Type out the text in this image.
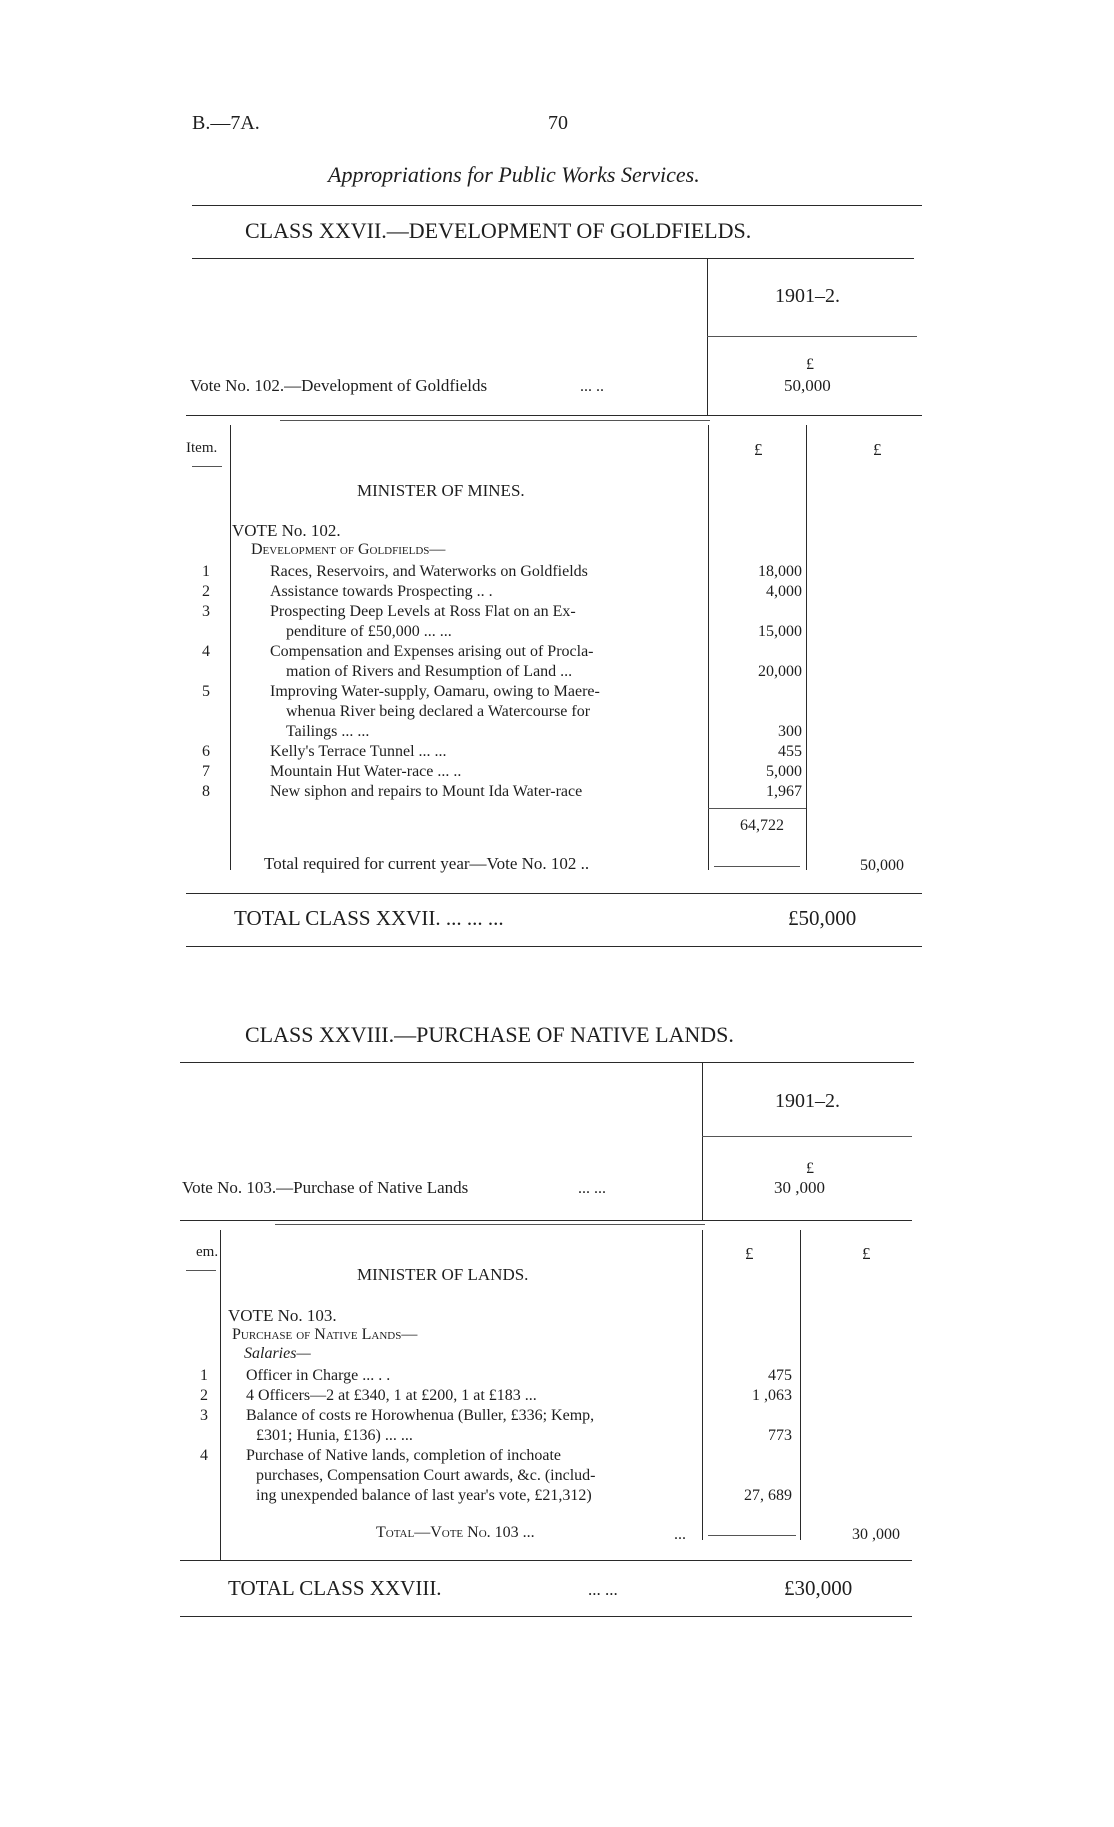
B.—7A.	70
Appropriations for Public Works Services.
CLASS XXVII.—DEVELOPMENT OF GOLDFIELDS.
1901–2.
£
Vote No. 102.—Development of Goldfields	... ..	50,000
Item.	£	£
MINISTER OF MINES.
VOTE No. 102.
Development of Goldfields—
1	Races, Reservoirs, and Waterworks on Goldfields	18,000
2	Assistance towards Prospecting .. .	4,000
3	Prospecting Deep Levels at Ross Flat on an Ex-
penditure of £50,000 ... ...	15,000
4	Compensation and Expenses arising out of Procla-
mation of Rivers and Resumption of Land ...	20,000
5	Improving Water-supply, Oamaru, owing to Maere-
whenua River being declared a Watercourse for
Tailings ... ...	300
6	Kelly's Terrace Tunnel ... ...	455
7	Mountain Hut Water-race ... ..	5,000
8	New siphon and repairs to Mount Ida Water-race	1,967
64,722
Total required for current year—Vote No. 102 ..	50,000
TOTAL CLASS XXVII. ... ... ...	£50,000
CLASS XXVIII.—PURCHASE OF NATIVE LANDS.
1901–2.
£
Vote No. 103.—Purchase of Native Lands	... ...	30 ,000
em.	£	£
MINISTER OF LANDS.
VOTE No. 103.
Purchase of Native Lands—
Salaries—
1	Officer in Charge ... . .	475
2	4 Officers—2 at £340, 1 at £200, 1 at £183 ...	1 ,063
3	Balance of costs re Horowhenua (Buller, £336; Kemp,
£301; Hunia, £136) ... ...	773
4	Purchase of Native lands, completion of inchoate
purchases, Compensation Court awards, &c. (includ-
ing unexpended balance of last year's vote, £21,312)	27, 689
Total—Vote No. 103 ...	...	30 ,000
TOTAL CLASS XXVIII.	... ...	£30,000
